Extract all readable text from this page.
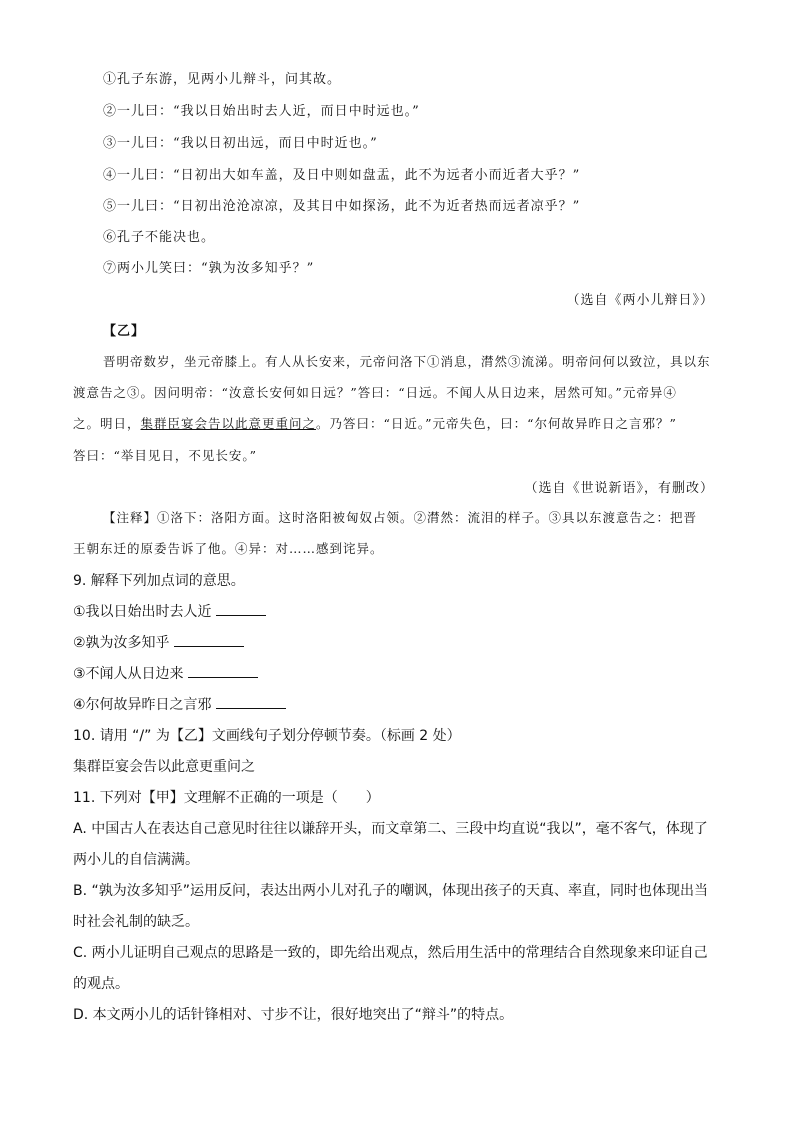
①孔子东游，见两小儿辩斗，问其故。
②一儿曰：“我以日始出时去人近，而日中时远也。”
③一儿曰：“我以日初出远，而日中时近也。”
④一儿曰：“日初出大如车盖，及日中则如盘盂，此不为远者小而近者大乎？”
⑤一儿曰：“日初出沧沧凉凉，及其日中如探汤，此不为近者热而远者凉乎？”
⑥孔子不能决也。
⑦两小儿笑曰：“孰为汝多知乎？”
（选自《两小儿辩日》）
【乙】
晋明帝数岁，坐元帝膝上。有人从长安来，元帝问洛下①消息，潸然③流涕。明帝问何以致泣，具以东
渡意告之③。因问明帝：“汝意长安何如日远？”答曰：“日远。不闻人从日边来，居然可知。”元帝异④
之。明日，集群臣宴会告以此意更重问之。乃答曰：“日近。”元帝失色，曰：“尔何故异昨日之言邪？”
答曰：“举目见日，不见长安。”
（选自《世说新语》，有删改）
【注释】①洛下：洛阳方面。这时洛阳被匈奴占领。②潸然：流泪的样子。③具以东渡意告之：把晋
王朝东迁的原委告诉了他。④异：对……感到诧异。
9. 解释下列加点词的意思。
①我以日始出时去人近
②孰为汝多知乎
③不闻人从日边来
④尔何故异昨日之言邪
10. 请用 “/” 为【乙】文画线句子划分停顿节奏。（标画 2 处）
集群臣宴会告以此意更重问之
11. 下列对【甲】文理解不正确的一项是（　　）
A. 中国古人在表达自己意见时往往以谦辞开头，而文章第二、三段中均直说“我以”，毫不客气，体现了
两小儿的自信满满。
B. “孰为汝多知乎”运用反问，表达出两小儿对孔子的嘲讽，体现出孩子的天真、率直，同时也体现出当
时社会礼制的缺乏。
C. 两小儿证明自己观点的思路是一致的，即先给出观点，然后用生活中的常理结合自然现象来印证自己
的观点。
D. 本文两小儿的话针锋相对、寸步不让，很好地突出了“辩斗”的特点。
